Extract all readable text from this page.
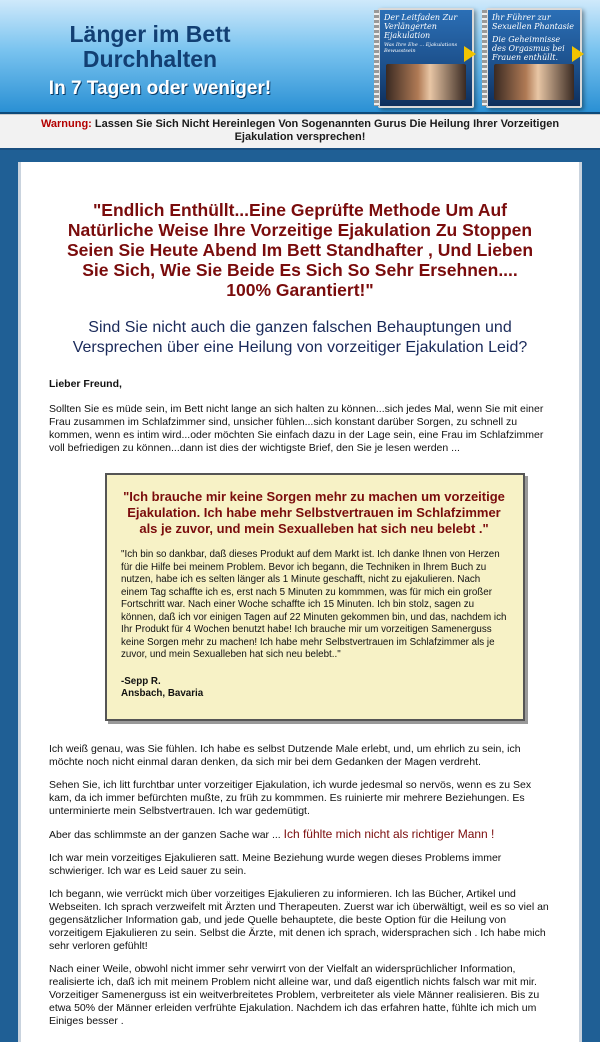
Länger im Bett
Durchhalten
In 7 Tagen oder weniger!
Der Leitfaden Zur Verlängerten Ejakulation
Was Ihre Ehe ... Ejakulations Bewusstsein
Ihr Führer zur Sexuellen Phantasie
Die Geheimnisse des Orgasmus bei Frauen enthüllt.
Warnung: Lassen Sie Sich Nicht Hereinlegen Von Sogenannten Gurus Die Heilung Ihrer Vorzeitigen Ejakulation versprechen!
"Endlich Enthüllt...Eine Geprüfte Methode Um Auf Natürliche Weise Ihre Vorzeitige Ejakulation Zu Stoppen Seien Sie Heute Abend Im Bett Standhafter , Und Lieben Sie Sich, Wie Sie Beide Es Sich So Sehr Ersehnen.... 100% Garantiert!"
Sind Sie nicht auch die ganzen falschen Behauptungen und Versprechen über eine Heilung von vorzeitiger Ejakulation Leid?

Lieber Freund,

Sollten Sie es müde sein, im Bett nicht lange an sich halten zu können...sich jedes Mal, wenn Sie mit einer Frau zusammen im Schlafzimmer sind, unsicher fühlen...sich konstant darüber Sorgen, zu schnell zu kommen, wenn es intim wird...oder möchten Sie einfach dazu in der Lage sein, eine Frau im Schlafzimmer voll befriedigen zu können...dann ist dies der wichtigste Brief, den Sie je lesen werden ...

"Ich brauche mir keine Sorgen mehr zu machen um vorzeitige Ejakulation. Ich habe mehr Selbstvertrauen im Schlafzimmer als je zuvor, und mein Sexualleben hat sich neu belebt ."
"Ich bin so dankbar, daß dieses Produkt auf dem Markt ist. Ich danke Ihnen von Herzen für die Hilfe bei meinem Problem. Bevor ich begann, die Techniken in Ihrem Buch zu nutzen, habe ich es selten länger als 1 Minute geschafft, nicht zu ejakulieren. Nach einem Tag schaffte ich es, erst nach 5 Minuten zu kommmen, was für mich ein großer Fortschritt war. Nach einer Woche schaffte ich 15 Minuten. Ich bin stolz, sagen zu können, daß ich vor einigen Tagen auf 22 Minuten gekommen bin, und das, nachdem ich Ihr Produkt für 4 Wochen benutzt habe! Ich brauche mir um vorzeitigen Samenerguss keine Sorgen mehr zu machen! Ich habe mehr Selbstvertrauen im Schlafzimmer als je zuvor, und mein Sexualleben hat sich neu belebt.."
-Sepp R.
Ansbach, Bavaria

Ich weiß genau, was Sie fühlen. Ich habe es selbst Dutzende Male erlebt, und, um ehrlich zu sein, ich möchte noch nicht einmal daran denken, da sich mir bei dem Gedanken der Magen verdreht.

Sehen Sie, ich litt furchtbar unter vorzeitiger Ejakulation, ich wurde jedesmal so nervös, wenn es zu Sex kam, da ich immer befürchten mußte, zu früh zu kommmen. Es ruinierte mir mehrere Beziehungen. Es unterminierte mein Selbstvertrauen. Ich war gedemütigt.

Aber das schlimmste an der ganzen Sache war ... Ich fühlte mich nicht als richtiger Mann !

Ich war mein vorzeitiges Ejakulieren satt. Meine Beziehung wurde wegen dieses Problems immer schwieriger. Ich war es Leid sauer zu sein.

Ich begann, wie verrückt mich über vorzeitiges Ejakulieren zu informieren. Ich las Bücher, Artikel und Webseiten. Ich sprach verzweifelt mit Ärzten und Therapeuten. Zuerst war ich überwältigt, weil es so viel an gegensätzlicher Information gab, und jede Quelle behauptete, die beste Option für die Heilung von vorzeitigem Ejakulieren zu sein. Selbst die Ärzte, mit denen ich sprach, widersprachen sich . Ich habe mich sehr verloren gefühlt!

Nach einer Weile, obwohl nicht immer sehr verwirrt von der Vielfalt an widersprüchlicher Information, realisierte ich, daß ich mit meinem Problem nicht alleine war, und daß eigentlich nichts falsch war mit mir. Vorzeitiger Samenerguss ist ein weitverbreitetes Problem, verbreiteter als viele Männer realisieren. Bis zu etwa 50% der Männer erleiden verfrühte Ejakulation. Nachdem ich das erfahren hatte, fühlte ich mich um Einiges besser .
